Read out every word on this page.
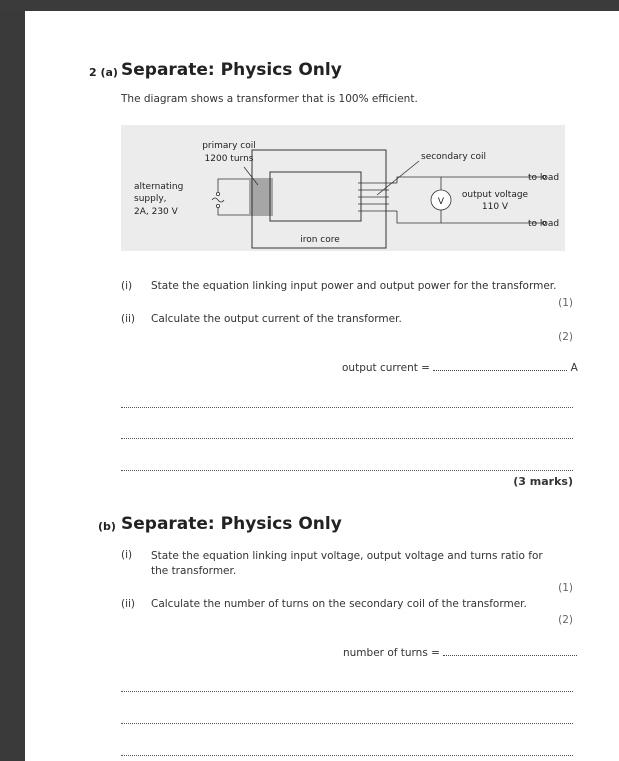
2 (a) Separate: Physics Only
The diagram shows a transformer that is 100% efficient.
primary coil
1200 turns
alternating
supply,
2A, 230 V
secondary coil
iron core
to load
to load
V
output voltage
110 V
(i) State the equation linking input power and output power for the transformer.
(1)
(ii) Calculate the output current of the transformer.
(2)
output current =	A
(3 marks)
(b) Separate: Physics Only
(i) State the equation linking input voltage, output voltage and turns ratio for the transformer.
(1)
(ii) Calculate the number of turns on the secondary coil of the transformer.
(2)
number of turns =
